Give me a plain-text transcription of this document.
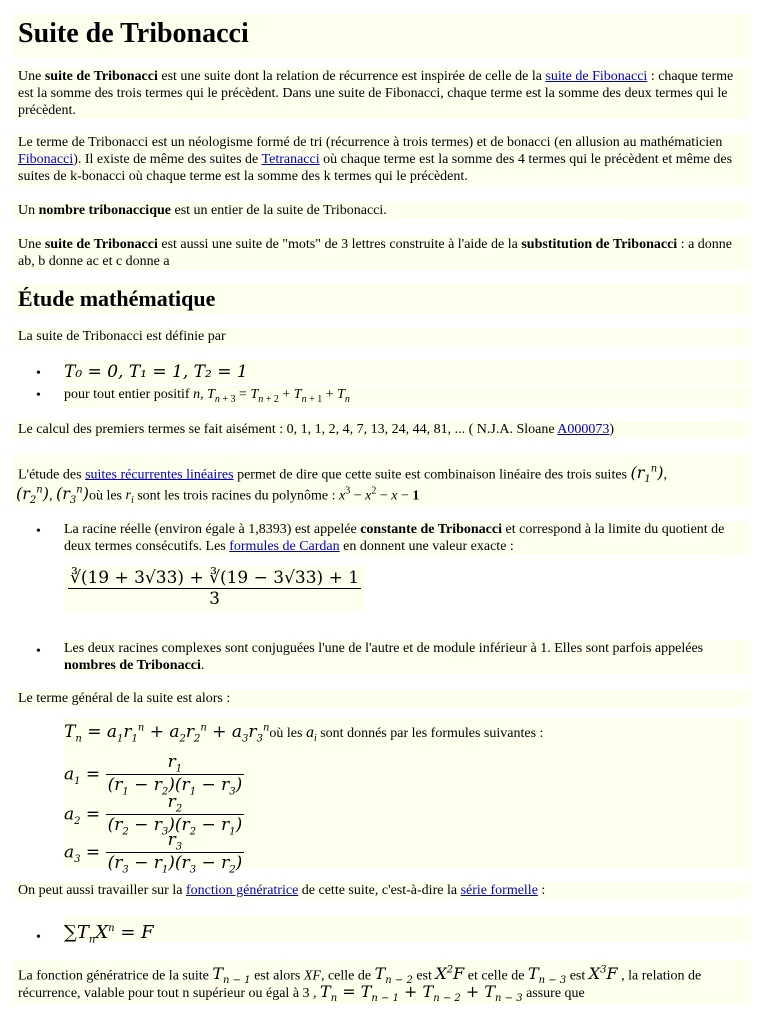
Suite de Tribonacci
Une suite de Tribonacci est une suite dont la relation de récurrence est inspirée de celle de la suite de Fibonacci : chaque terme est la somme des trois termes qui le précèdent. Dans une suite de Fibonacci, chaque terme est la somme des deux termes qui le précèdent.
Le terme de Tribonacci est un néologisme formé de tri (récurrence à trois termes) et de bonacci (en allusion au mathématicien Fibonacci). Il existe de même des suites de Tetranacci où chaque terme est la somme des 4 termes qui le précèdent et même des suites de k-bonacci où chaque terme est la somme des k termes qui le précèdent.
Un nombre tribonaccique est un entier de la suite de Tribonacci.
Une suite de Tribonacci est aussi une suite de "mots" de 3 lettres construite à l'aide de la substitution de Tribonacci : a donne ab, b donne ac et c donne a
Étude mathématique
La suite de Tribonacci est définie par
• T₀ = 0, T₁ = 1, T₂ = 1
• pour tout entier positif n, $T_{n + 3} = T_{n + 2} + T_{n + 1} + T_n$
Le calcul des premiers termes se fait aisément : 0, 1, 1, 2, 4, 7, 13, 24, 44, 81, ... ( N.J.A. Sloane A000073)
L'étude des suites récurrentes linéaires permet de dire que cette suite est combinaison linéaire des trois suites $(r_1^n)$,
$(r_2^n)$, $(r_3^n)où$ les $r_i$ sont les trois racines du polynôme : $x^3 - x^2 - x - 1$
• La racine réelle (environ égale à 1,8393) est appelée constante de Tribonacci et correspond à la limite du quotient de deux termes consécutifs. Les formules de Cardan en donnent une valeur exacte :
$\frac{∛(19 + 3√33) + ∛(19 - 3√33) + 1}{3}$
• Les deux racines complexes sont conjuguées l'une de l'autre et de module inférieur à 1. Elles sont parfois appelées nombres de Tribonacci.
Le terme général de la suite est alors :
$T_n = a_1r_1^n + a_2r_2^n$ + $a_3r_3^noù$ les $a_i$ sont donnés par les formules suivantes :
$a_1 = \frac{r_1}{(r_1 - r_2)(r_1 - r_3)}$
$a_2 = \frac{r_2}{(r_2 - r_3)(r_2 - r_1)}$
$a_3 = \frac{r_3}{(r_3 - r_1)(r_3 - r_2)}$
On peut aussi travailler sur la fonction génératrice de cette suite, c'est-à-dire la série formelle :
• $\sum T_nX^n = F$
La fonction génératrice de la suite $T_{n - 1}$ est alors XF, celle de $T_{n - 2}$ est $X^2F$ et celle de $T_{n - 3}$ est $X^3F$ , la relation de
récurrence, valable pour tout n supérieur ou égal à 3 , $T_n = T_{n - 1} + T_{n - 2} + T_{n - 3}$ assure que
